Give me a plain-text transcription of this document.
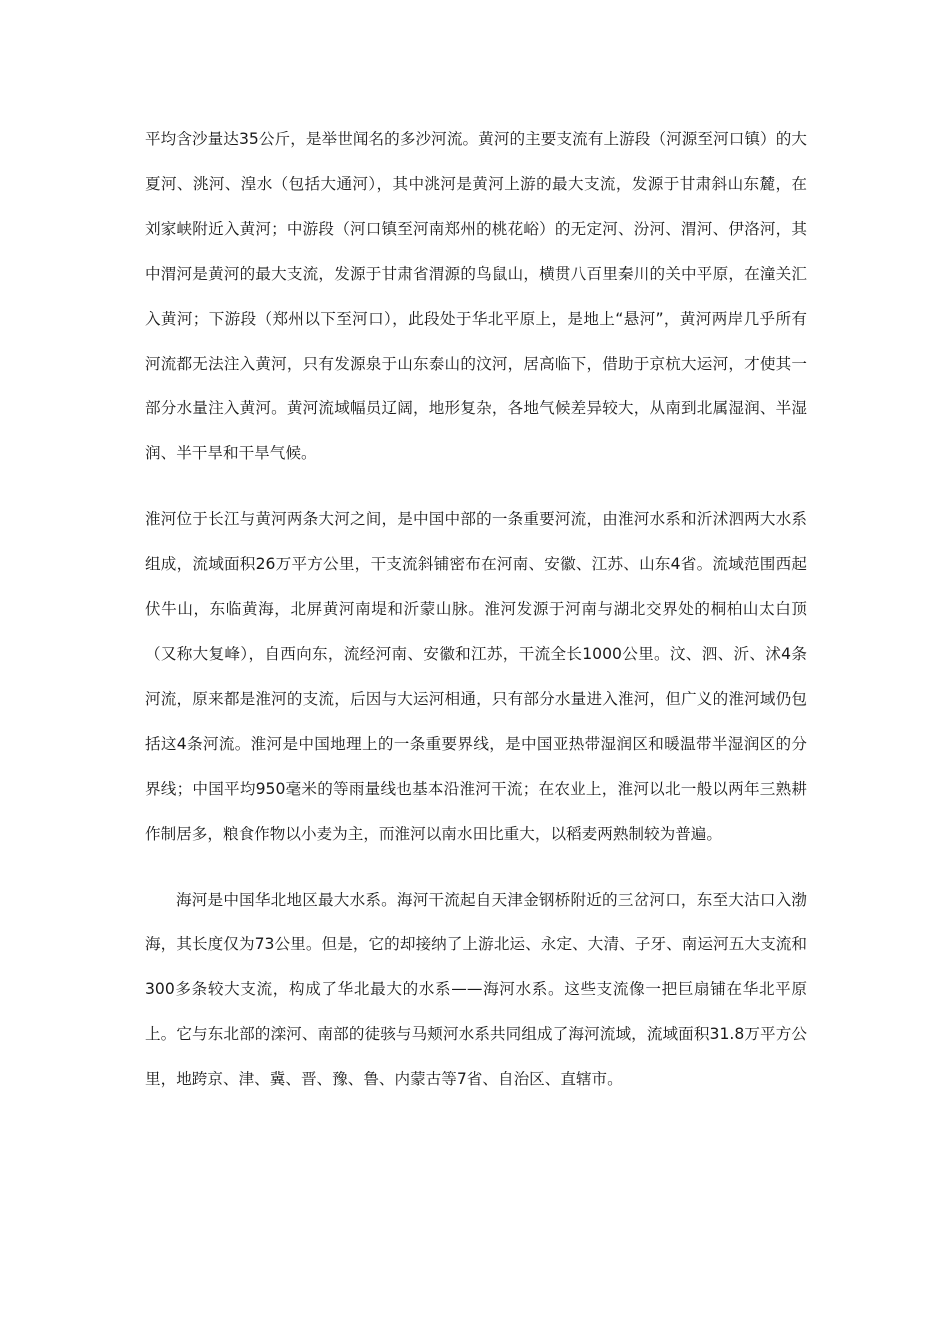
平均含沙量达35公斤，是举世闻名的多沙河流。黄河的主要支流有上游段（河源至河口镇）的大夏河、洮河、湟水（包括大通河），其中洮河是黄河上游的最大支流，发源于甘肃斜山东麓，在刘家峡附近入黄河；中游段（河口镇至河南郑州的桃花峪）的无定河、汾河、渭河、伊洛河，其中渭河是黄河的最大支流，发源于甘肃省渭源的鸟鼠山，横贯八百里秦川的关中平原，在潼关汇入黄河；下游段（郑州以下至河口），此段处于华北平原上，是地上“悬河”，黄河两岸几乎所有河流都无法注入黄河，只有发源泉于山东泰山的汶河，居高临下，借助于京杭大运河，才使其一部分水量注入黄河。黄河流域幅员辽阔，地形复杂，各地气候差异较大，从南到北属湿润、半湿润、半干旱和干旱气候。

淮河位于长江与黄河两条大河之间，是中国中部的一条重要河流，由淮河水系和沂沭泗两大水系组成，流域面积26万平方公里，干支流斜铺密布在河南、安徽、江苏、山东4省。流域范围西起伏牛山，东临黄海，北屏黄河南堤和沂蒙山脉。淮河发源于河南与湖北交界处的桐柏山太白顶（又称大复峰），自西向东，流经河南、安徽和江苏，干流全长1000公里。汶、泗、沂、沭4条河流，原来都是淮河的支流，后因与大运河相通，只有部分水量进入淮河，但广义的淮河域仍包括这4条河流。淮河是中国地理上的一条重要界线，是中国亚热带湿润区和暖温带半湿润区的分界线；中国平均950毫米的等雨量线也基本沿淮河干流；在农业上，淮河以北一般以两年三熟耕作制居多，粮食作物以小麦为主，而淮河以南水田比重大，以稻麦两熟制较为普遍。

海河是中国华北地区最大水系。海河干流起自天津金钢桥附近的三岔河口，东至大沽口入渤海，其长度仅为73公里。但是，它的却接纳了上游北运、永定、大清、子牙、南运河五大支流和300多条较大支流，构成了华北最大的水系——海河水系。这些支流像一把巨扇铺在华北平原上。它与东北部的滦河、南部的徒骇与马颊河水系共同组成了海河流域，流域面积31.8万平方公里，地跨京、津、冀、晋、豫、鲁、内蒙古等7省、自治区、直辖市。
